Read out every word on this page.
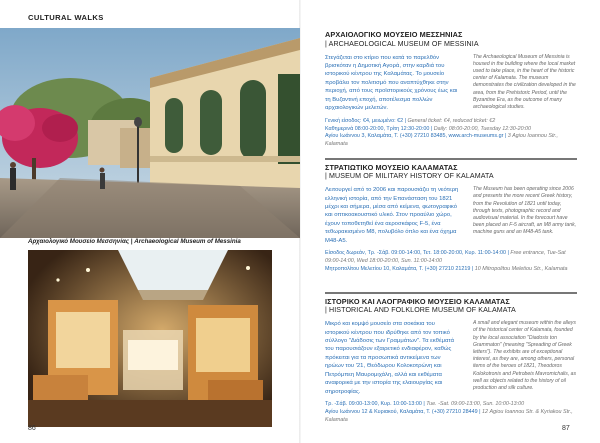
CULTURAL WALKS
Αρχαιολογικό Μουσείο Μεσσηνίας | Archaeological Museum of Messinia
86	87
ΑΡΧΑΙΟΛΟΓΙΚΟ ΜΟΥΣΕΙΟ ΜΕΣΣΗΝΙΑΣ
| ARCHAEOLOGICAL MUSEUM OF MESSINIA
Στεγάζεται στο κτίριο που κατά το παρελθόν βρισκόταν η Δημοτική Αγορά, στην καρδιά του ιστορικού κέντρου της Καλαμάτας. Το μουσείο προβάλει τον πολιτισμό που αναπτύχθηκε στην περιοχή, από τους προϊστορικούς χρόνους έως και τη Βυζαντινή εποχή, αποτέλεσμα πολλών αρχαιολογικών μελετών.
The Archaeological Museum of Messinia is housed in the building where the local market used to take place, in the heart of the historic center of Kalamata. The museum demonstrates the civilization developed in the area, from the Prehistoric Period, until the Byzantine Era, as the outcome of many archaeological studies.
Γενική είσοδος: €4, μειωμένο: €2 | General ticket: €4, reduced ticket: €2
Καθημερινά 08:00-20:00, Τρίτη 12:30-20:00 | Daily: 08:00-20:00, Tuesday 12:30-20:00
Αγίου Ιωάννου 3, Καλαμάτα, Τ. (+30) 27210 83485, www.arch-museums.gr | 3 Agiou Ioannou Str., Kalamata
ΣΤΡΑΤΙΩΤΙΚΟ ΜΟΥΣΕΙΟ ΚΑΛΑΜΑΤΑΣ
| MUSEUM OF MILITARY HISTORY OF KALAMATA
Λειτουργεί από το 2006 και παρουσιάζει τη νεότερη ελληνική ιστορία, από την Επανάσταση του 1821 μέχρι και σήμερα, μέσα από κείμενα, φωτογραφικό και οπτικοακουστικό υλικό. Στον προαύλιο χώρο, έχουν τοποθετηθεί ένα αεροσκάφος F-5, ένα τεθωρακισμένο M8, πολυβόλο όπλο και ένα όχημα M48-A5.
The Museum has been operating since 2006 and presents the more recent Greek history, from the Revolution of 1821 until today, through texts, photographic record and audiovisual material. In the forecourt have been placed an F-5 aircraft, an M8 army tank, machine guns and an M48-A5 tank.
Είσοδος δωρεάν, Τρ. -Σάβ. 09:00-14:00, Τετ. 18:00-20:00, Κυρ. 11:00-14:00 | Free entrance, Tue-Sat 09:00-14:00, Wed 18:00-20:00, Sun. 11:00-14:00
Μητροπολίτου Μελετίου 10, Καλαμάτα, Τ. (+30) 27210 21219 | 10 Mitropolitou Meletiou Str., Kalamata
ΙΣΤΟΡΙΚΟ ΚΑΙ ΛΑΟΓΡΑΦΙΚΟ ΜΟΥΣΕΙΟ ΚΑΛΑΜΑΤΑΣ
| HISTORICAL AND FOLKLORE MUSEUM OF KALAMATA
Μικρό και κομψό μουσείο στα σοκάκια του ιστορικού κέντρου που ιδρύθηκε από τον τοπικό σύλλογο "Διάδοσις των Γραμμάτων". Τα εκθέματά του παρουσιάζουν εξαιρετικό ενδιαφέρον, καθώς πρόκειται για τα προσωπικά αντικείμενα των ηρώων του '21, Θεόδωρου Κολοκοτρώνη και Πετρόμπεη Μαυρομιχάλη, αλλά και εκθέματα αναφορικά με την ιστορία της ελαιουργίας και σηροτροφίας.
A small and elegant museum within the alleys of the historical center of Kalamata, founded by the local association "Diadosis ton Grammaton" (meaning "Spreading of Greek letters"). The exhibits are of exceptional interest, as they are, among others, personal items of the heroes of 1821, Theodoros Kolokotronis and Petrobeis Mavromichalis, as well as objects related to the history of oil production and silk culture.
Τρ. -Σάβ. 09:00-13:00, Κυρ. 10:00-13:00 | Tue. -Sat. 09:00-13:00, Sun. 10:00-13:00
Αγίου Ιωάννου 12 & Κυριακού, Καλαμάτα, Τ. (+30) 27210 28449 | 12 Agiou Ioannou Str. & Kyriakou Str., Kalamata
